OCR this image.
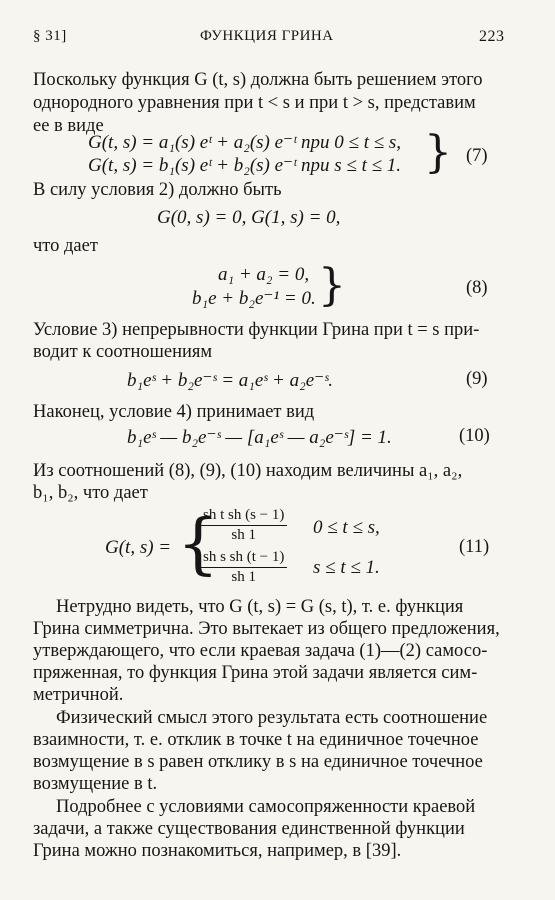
§ 31]	ФУНКЦИЯ ГРИНА	223
Поскольку функция G (t, s) должна быть решением этого
однородного уравнения при t < s и при t > s, представим
ее в виде
G(t, s) = a₁(s) eᵗ + a₂(s) e⁻ᵗ при 0 ≤ t ≤ s,
G(t, s) = b₁(s) eᵗ + b₂(s) e⁻ᵗ при s ≤ t ≤ 1. } (7)
В силу условия 2) должно быть
G(0, s) = 0, G(1, s) = 0,
что дает
a₁ + a₂ = 0,
b₁e + b₂e⁻¹ = 0. }	(8)
Условие 3) непрерывности функции Грина при t = s при-
водит к соотношениям
b₁eˢ + b₂e⁻ˢ = a₁eˢ + a₂e⁻ˢ.	(9)
Наконец, условие 4) принимает вид
b₁eˢ — b₂e⁻ˢ — [a₁eˢ — a₂e⁻ˢ] = 1.	(10)
Из соотношений (8), (9), (10) находим величины a₁, a₂,
b₁, b₂, что дает
G(t, s) = {
$\frac{\text{sh t sh (s − 1)}}{sh 1} 0 \le t \le s$,
$\frac{\text{sh s sh (t − 1)}}{sh 1}$ s ≤ t ≤ 1.
(11)
Нетрудно видеть, что G (t, s) = G (s, t), т. е. функция
Грина симметрична. Это вытекает из общего предложения,
утверждающего, что если краевая задача (1)—(2) самосо-
пряженная, то функция Грина этой задачи является сим-
метричной.
Физический смысл этого результата есть соотношение
взаимности, т. е. отклик в точке t на единичное точечное
возмущение в s равен отклику в s на единичное точечное
возмущение в t.
Подробнее с условиями самосопряженности краевой
задачи, а также существования единственной функции
Грина можно познакомиться, например, в [39].
